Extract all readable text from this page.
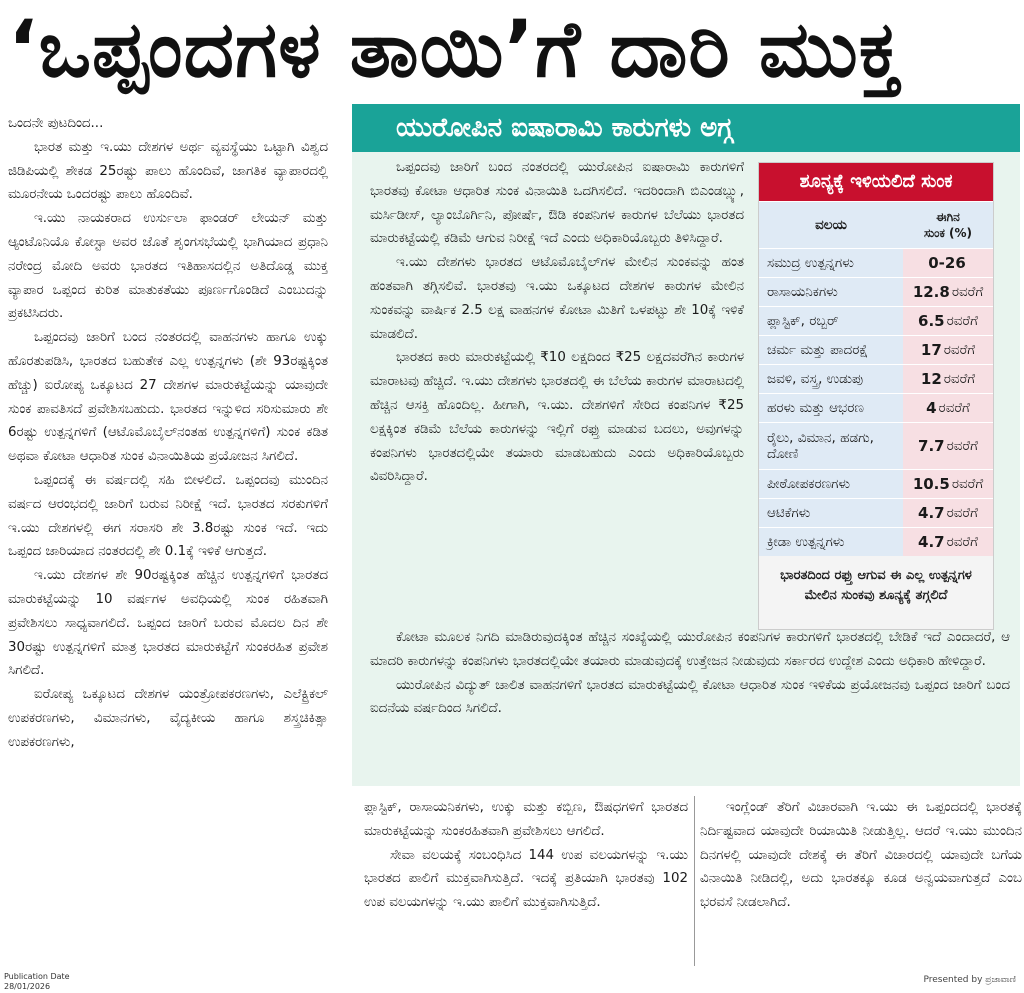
‘ಒಪ್ಪಂದಗಳ ತಾಯಿ’ಗೆ ದಾರಿ ಮುಕ್ತ

ಒಂದನೇ ಪುಟದಿಂದ...

ಭಾರತ ಮತ್ತು ಇ.ಯು ದೇಶಗಳ ಅರ್ಥ ವ್ಯವಸ್ಥೆಯು ಒಟ್ಟಾಗಿ ವಿಶ್ವದ ಜಿಡಿಪಿಯಲ್ಲಿ ಶೇಕಡ 25ರಷ್ಟು ಪಾಲು ಹೊಂದಿವೆ, ಜಾಗತಿಕ ವ್ಯಾಪಾರದಲ್ಲಿ ಮೂರನೇಯ ಒಂದರಷ್ಟು ಪಾಲು ಹೊಂದಿವೆ.

ಇ.ಯು ನಾಯಕರಾದ ಉರ್ಸುಲಾ ಫಾಂಡರ್ ಲೇಯನ್ ಮತ್ತು ಆ್ಯಂಟೊನಿಯೊ ಕೋಸ್ಟಾ ಅವರ ಜೊತೆ ಶೃಂಗಸಭೆಯಲ್ಲಿ ಭಾಗಿಯಾದ ಪ್ರಧಾನಿ ನರೇಂದ್ರ ಮೋದಿ ಅವರು ಭಾರತದ ಇತಿಹಾಸದಲ್ಲಿನ ಅತಿದೊಡ್ಡ ಮುಕ್ತ ವ್ಯಾಪಾರ ಒಪ್ಪಂದ ಕುರಿತ ಮಾತುಕತೆಯು ಪೂರ್ಣಗೊಂಡಿದೆ ಎಂಬುದನ್ನು ಪ್ರಕಟಿಸಿದರು.

ಒಪ್ಪಂದವು ಜಾರಿಗೆ ಬಂದ ನಂತರದಲ್ಲಿ ವಾಹನಗಳು ಹಾಗೂ ಉಕ್ಕು ಹೊರತುಪಡಿಸಿ, ಭಾರತದ ಬಹುತೇಕ ಎಲ್ಲ ಉತ್ಪನ್ನಗಳು (ಶೇ 93ರಷ್ಟಕ್ಕಿಂತ ಹೆಚ್ಚು) ಐರೋಪ್ಯ ಒಕ್ಕೂಟದ 27 ದೇಶಗಳ ಮಾರುಕಟ್ಟೆಯನ್ನು ಯಾವುದೇ ಸುಂಕ ಪಾವತಿಸದೆ ಪ್ರವೇಶಿಸಬಹುದು. ಭಾರತದ ಇನ್ನುಳಿದ ಸರಿಸುಮಾರು ಶೇ 6ರಷ್ಟು ಉತ್ಪನ್ನಗಳಿಗೆ (ಆಟೊಮೊಬೈಲ್‌ನಂತಹ ಉತ್ಪನ್ನಗಳಿಗೆ) ಸುಂಕ ಕಡಿತ ಅಥವಾ ಕೋಟಾ ಆಧಾರಿತ ಸುಂಕ ವಿನಾಯಿತಿಯ ಪ್ರಯೋಜನ ಸಿಗಲಿದೆ.

ಒಪ್ಪಂದಕ್ಕೆ ಈ ವರ್ಷದಲ್ಲಿ ಸಹಿ ಬೀಳಲಿದೆ. ಒಪ್ಪಂದವು ಮುಂದಿನ ವರ್ಷದ ಆರಂಭದಲ್ಲಿ ಜಾರಿಗೆ ಬರುವ ನಿರೀಕ್ಷೆ ಇದೆ. ಭಾರತದ ಸರಕುಗಳಿಗೆ ಇ.ಯು ದೇಶಗಳಲ್ಲಿ ಈಗ ಸರಾಸರಿ ಶೇ 3.8ರಷ್ಟು ಸುಂಕ ಇದೆ. ಇದು ಒಪ್ಪಂದ ಜಾರಿಯಾದ ನಂತರದಲ್ಲಿ ಶೇ 0.1ಕ್ಕೆ ಇಳಿಕೆ ಆಗುತ್ತದೆ.

ಇ.ಯು ದೇಶಗಳ ಶೇ 90ರಷ್ಟಕ್ಕಿಂತ ಹೆಚ್ಚಿನ ಉತ್ಪನ್ನಗಳಿಗೆ ಭಾರತದ ಮಾರುಕಟ್ಟೆಯನ್ನು 10 ವರ್ಷಗಳ ಅವಧಿಯಲ್ಲಿ ಸುಂಕ ರಹಿತವಾಗಿ ಪ್ರವೇಶಿಸಲು ಸಾಧ್ಯವಾಗಲಿದೆ. ಒಪ್ಪಂದ ಜಾರಿಗೆ ಬರುವ ಮೊದಲ ದಿನ ಶೇ 30ರಷ್ಟು ಉತ್ಪನ್ನಗಳಿಗೆ ಮಾತ್ರ ಭಾರತದ ಮಾರುಕಟ್ಟೆಗೆ ಸುಂಕರಹಿತ ಪ್ರವೇಶ ಸಿಗಲಿದೆ.

ಐರೋಪ್ಯ ಒಕ್ಕೂಟದ ದೇಶಗಳ ಯಂತ್ರೋಪಕರಣಗಳು, ಎಲೆಕ್ಟ್ರಿಕಲ್ ಉಪಕರಣಗಳು, ವಿಮಾನಗಳು, ವೈದ್ಯಕೀಯ ಹಾಗೂ ಶಸ್ತ್ರಚಿಕಿತ್ಸಾ ಉಪಕರಣಗಳು,

ಯುರೋಪಿನ ಐಷಾರಾಮಿ ಕಾರುಗಳು ಅಗ್ಗ

ಒಪ್ಪಂದವು ಜಾರಿಗೆ ಬಂದ ನಂತರದಲ್ಲಿ ಯುರೋಪಿನ ಐಷಾರಾಮಿ ಕಾರುಗಳಿಗೆ ಭಾರತವು ಕೋಟಾ ಆಧಾರಿತ ಸುಂಕ ವಿನಾಯಿತಿ ಒದಗಿಸಲಿದೆ. ಇದರಿಂದಾಗಿ ಬಿಎಂಡಬ್ಲ್ಯು, ಮರ್ಸಿಡೀಸ್, ಲ್ಯಾಂಬೊರ್ಗಿನಿ, ಪೋರ್ಷೆ, ಔಡಿ ಕಂಪನಿಗಳ ಕಾರುಗಳ ಬೆಲೆಯು ಭಾರತದ ಮಾರುಕಟ್ಟೆಯಲ್ಲಿ ಕಡಿಮೆ ಆಗುವ ನಿರೀಕ್ಷೆ ಇದೆ ಎಂದು ಅಧಿಕಾರಿಯೊಬ್ಬರು ತಿಳಿಸಿದ್ದಾರೆ.

ಇ.ಯು ದೇಶಗಳು ಭಾರತದ ಆಟೊಮೊಬೈಲ್‌ಗಳ ಮೇಲಿನ ಸುಂಕವನ್ನು ಹಂತ ಹಂತವಾಗಿ ತಗ್ಗಿಸಲಿವೆ. ಭಾರತವು ಇ.ಯು ಒಕ್ಕೂಟದ ದೇಶಗಳ ಕಾರುಗಳ ಮೇಲಿನ ಸುಂಕವನ್ನು ವಾರ್ಷಿಕ 2.5 ಲಕ್ಷ ವಾಹನಗಳ ಕೋಟಾ ಮಿತಿಗೆ ಒಳಪಟ್ಟು ಶೇ 10ಕ್ಕೆ ಇಳಿಕೆ ಮಾಡಲಿದೆ.

ಭಾರತದ ಕಾರು ಮಾರುಕಟ್ಟೆಯಲ್ಲಿ ₹10 ಲಕ್ಷದಿಂದ ₹25 ಲಕ್ಷದವರೆಗಿನ ಕಾರುಗಳ ಮಾರಾಟವು ಹೆಚ್ಚಿದೆ. ಇ.ಯು ದೇಶಗಳು ಭಾರತದಲ್ಲಿ ಈ ಬೆಲೆಯ ಕಾರುಗಳ ಮಾರಾಟದಲ್ಲಿ ಹೆಚ್ಚಿನ ಆಸಕ್ತಿ ಹೊಂದಿಲ್ಲ. ಹೀಗಾಗಿ, ಇ.ಯು. ದೇಶಗಳಿಗೆ ಸೇರಿದ ಕಂಪನಿಗಳ ₹25 ಲಕ್ಷಕ್ಕಿಂತ ಕಡಿಮೆ ಬೆಲೆಯ ಕಾರುಗಳನ್ನು ಇಲ್ಲಿಗೆ ರಫ್ತು ಮಾಡುವ ಬದಲು, ಅವುಗಳನ್ನು ಕಂಪನಿಗಳು ಭಾರತದಲ್ಲಿಯೇ ತಯಾರು ಮಾಡಬಹುದು ಎಂದು ಅಧಿಕಾರಿಯೊಬ್ಬರು ವಿವರಿಸಿದ್ದಾರೆ.

ಕೋಟಾ ಮೂಲಕ ನಿಗದಿ ಮಾಡಿರುವುದಕ್ಕಿಂತ ಹೆಚ್ಚಿನ ಸಂಖ್ಯೆಯಲ್ಲಿ ಯುರೋಪಿನ ಕಂಪನಿಗಳ ಕಾರುಗಳಿಗೆ ಭಾರತದಲ್ಲಿ ಬೇಡಿಕೆ ಇದೆ ಎಂದಾದರೆ, ಆ ಮಾದರಿ ಕಾರುಗಳನ್ನು ಕಂಪನಿಗಳು ಭಾರತದಲ್ಲಿಯೇ ತಯಾರು ಮಾಡುವುದಕ್ಕೆ ಉತ್ತೇಜನ ನೀಡುವುದು ಸರ್ಕಾರದ ಉದ್ದೇಶ ಎಂದು ಅಧಿಕಾರಿ ಹೇಳಿದ್ದಾರೆ.

ಯುರೋಪಿನ ವಿದ್ಯುತ್ ಚಾಲಿತ ವಾಹನಗಳಿಗೆ ಭಾರತದ ಮಾರುಕಟ್ಟೆಯಲ್ಲಿ ಕೋಟಾ ಆಧಾರಿತ ಸುಂಕ ಇಳಿಕೆಯ ಪ್ರಯೋಜನವು ಒಪ್ಪಂದ ಜಾರಿಗೆ ಬಂದ ಐದನೆಯ ವರ್ಷದಿಂದ ಸಿಗಲಿದೆ.

ಶೂನ್ಯಕ್ಕೆ ಇಳಿಯಲಿದೆ ಸುಂಕ
ವಲಯ	ಈಗಿನ
ಸುಂಕ (%)
ಸಮುದ್ರ ಉತ್ಪನ್ನಗಳು	0-26
ರಾಸಾಯನಿಕಗಳು	12.8 ರವರೆಗೆ
ಪ್ಲಾಸ್ಟಿಕ್, ರಬ್ಬರ್	6.5 ರವರೆಗೆ
ಚರ್ಮ ಮತ್ತು ಪಾದರಕ್ಷೆ	17 ರವರೆಗೆ
ಜವಳಿ, ವಸ್ತ್ರ, ಉಡುಪು	12 ರವರೆಗೆ
ಹರಳು ಮತ್ತು ಆಭರಣ	4 ರವರೆಗೆ
ರೈಲು, ವಿಮಾನ, ಹಡಗು, ದೋಣಿ	7.7 ರವರೆಗೆ
ಪೀಠೋಪಕರಣಗಳು	10.5 ರವರೆಗೆ
ಆಟಿಕೆಗಳು	4.7 ರವರೆಗೆ
ಕ್ರೀಡಾ ಉತ್ಪನ್ನಗಳು	4.7 ರವರೆಗೆ
ಭಾರತದಿಂದ ರಫ್ತು ಆಗುವ ಈ ಎಲ್ಲ ಉತ್ಪನ್ನಗಳ ಮೇಲಿನ ಸುಂಕವು ಶೂನ್ಯಕ್ಕೆ ತಗ್ಗಲಿದೆ

ಪ್ಲಾಸ್ಟಿಕ್, ರಾಸಾಯನಿಕಗಳು, ಉಕ್ಕು ಮತ್ತು ಕಬ್ಬಿಣ, ಔಷಧಗಳಿಗೆ ಭಾರತದ ಮಾರುಕಟ್ಟೆಯನ್ನು ಸುಂಕರಹಿತವಾಗಿ ಪ್ರವೇಶಿಸಲು ಆಗಲಿದೆ.

ಸೇವಾ ವಲಯಕ್ಕೆ ಸಂಬಂಧಿಸಿದ 144 ಉಪ ವಲಯಗಳನ್ನು ಇ.ಯು ಭಾರತದ ಪಾಲಿಗೆ ಮುಕ್ತವಾಗಿಸುತ್ತಿದೆ. ಇದಕ್ಕೆ ಪ್ರತಿಯಾಗಿ ಭಾರತವು 102 ಉಪ ವಲಯಗಳನ್ನು ಇ.ಯು ಪಾಲಿಗೆ ಮುಕ್ತವಾಗಿಸುತ್ತಿದೆ.

ಇಂಗ್ಲೆಂಡ್ ತೆರಿಗೆ ವಿಚಾರವಾಗಿ ಇ.ಯು ಈ ಒಪ್ಪಂದದಲ್ಲಿ ಭಾರತಕ್ಕೆ ನಿರ್ದಿಷ್ಟವಾದ ಯಾವುದೇ ರಿಯಾಯಿತಿ ನೀಡುತ್ತಿಲ್ಲ. ಆದರೆ ಇ.ಯು ಮುಂದಿನ ದಿನಗಳಲ್ಲಿ ಯಾವುದೇ ದೇಶಕ್ಕೆ ಈ ತೆರಿಗೆ ವಿಚಾರದಲ್ಲಿ ಯಾವುದೇ ಬಗೆಯ ವಿನಾಯಿತಿ ನೀಡಿದಲ್ಲಿ, ಅದು ಭಾರತಕ್ಕೂ ಕೂಡ ಅನ್ವಯವಾಗುತ್ತದೆ ಎಂಬ ಭರವಸೆ ನೀಡಲಾಗಿದೆ.

Publication Date
28/01/2026
Presented by ಪ್ರಜಾವಾಣಿ
